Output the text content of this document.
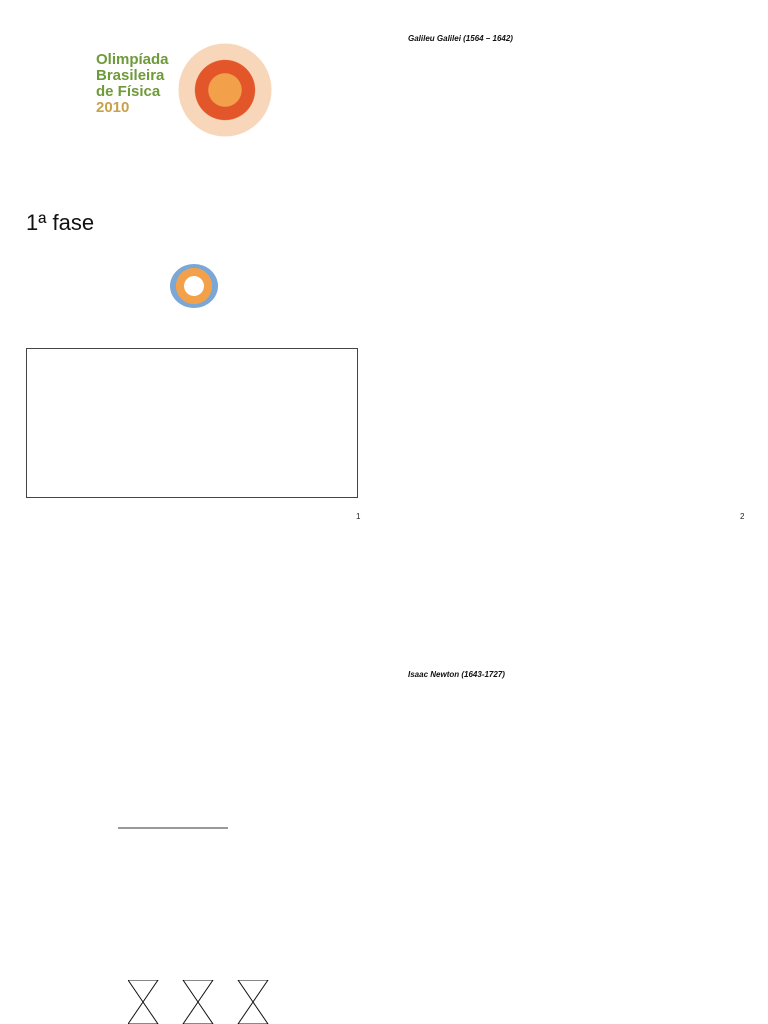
Olimpíada
Brasileira
de Física
2010
1ª fase
1
Galileu Galilei (1564 – 1642)
2
Isaac Newton (1643-1727)
